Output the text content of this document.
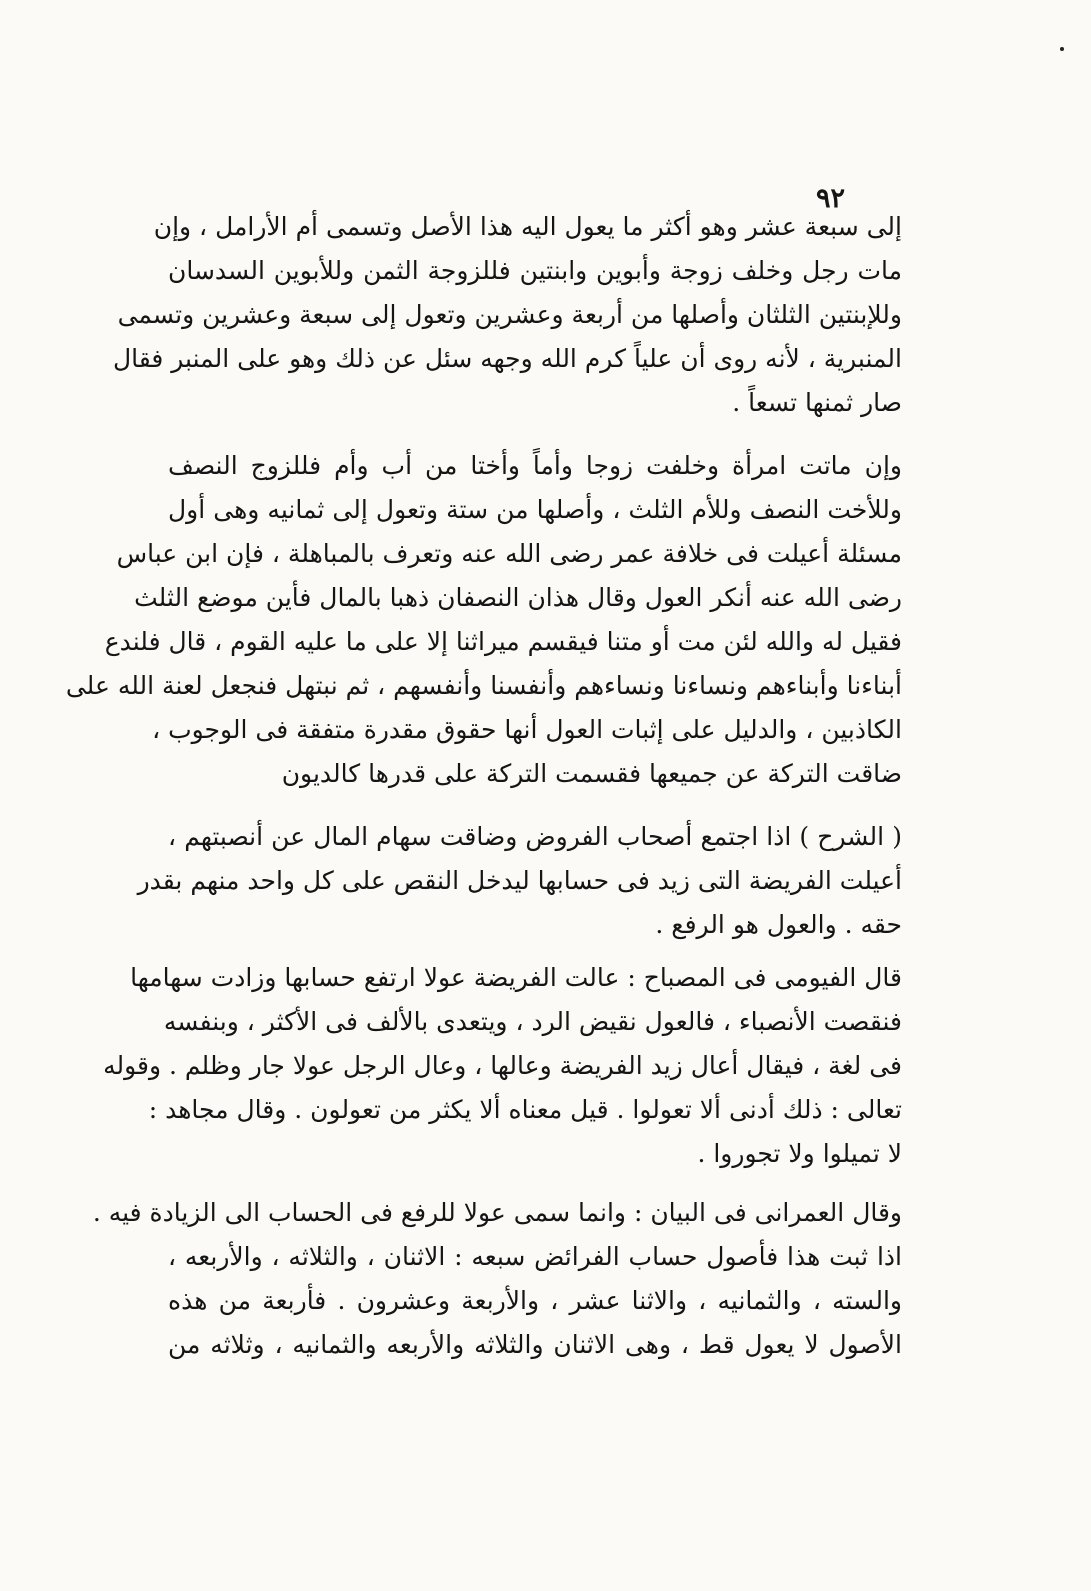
٩٢
إلى سبعة عشر وهو أكثر ما يعول اليه هذا الأصل وتسمى أم الأرامل ، وإن
مات رجل وخلف زوجة وأبوين وابنتين فللزوجة الثمن وللأبوين السدسان
وللإبنتين الثلثان وأصلها من أربعة وعشرين وتعول إلى سبعة وعشرين وتسمى
المنبرية ، لأنه روى أن علياً كرم الله وجهه سئل عن ذلك وهو على المنبر فقال
صار ثمنها تسعاً .
وإن ماتت امرأة وخلفت زوجا وأماً وأختا من أب وأم فللزوج النصف
وللأخت النصف وللأم الثلث ، وأصلها من ستة وتعول إلى ثمانيه وهى أول
مسئلة أعيلت فى خلافة عمر رضى الله عنه وتعرف بالمباهلة ، فإن ابن عباس
رضى الله عنه أنكر العول وقال هذان النصفان ذهبا بالمال فأين موضع الثلث
فقيل له والله لئن مت أو متنا فيقسم ميراثنا إلا على ما عليه القوم ، قال فلندع
أبناءنا وأبناءهم ونساءنا ونساءهم وأنفسنا وأنفسهم ، ثم نبتهل فنجعل لعنة الله على
الكاذبين ، والدليل على إثبات العول أنها حقوق مقدرة متفقة فى الوجوب ،
ضاقت التركة عن جميعها فقسمت التركة على قدرها كالديون
( الشرح ) اذا اجتمع أصحاب الفروض وضاقت سهام المال عن أنصبتهم ،
أعيلت الفريضة التى زيد فى حسابها ليدخل النقص على كل واحد منهم بقدر
حقه . والعول هو الرفع .
قال الفيومى فى المصباح : عالت الفريضة عولا ارتفع حسابها وزادت سهامها
فنقصت الأنصباء ، فالعول نقيض الرد ، ويتعدى بالألف فى الأكثر ، وبنفسه
فى لغة ، فيقال أعال زيد الفريضة وعالها ، وعال الرجل عولا جار وظلم . وقوله
تعالى : ذلك أدنى ألا تعولوا . قيل معناه ألا يكثر من تعولون . وقال مجاهد :
لا تميلوا ولا تجوروا .
وقال العمرانى فى البيان : وانما سمى عولا للرفع فى الحساب الى الزيادة فيه .
اذا ثبت هذا فأصول حساب الفرائض سبعه : الاثنان ، والثلاثه ، والأربعه ،
والسته ، والثمانيه ، والاثنا عشر ، والأربعة وعشرون . فأربعة من هذه
الأصول لا يعول قط ، وهى الاثنان والثلاثه والأربعه والثمانيه ، وثلاثه من
